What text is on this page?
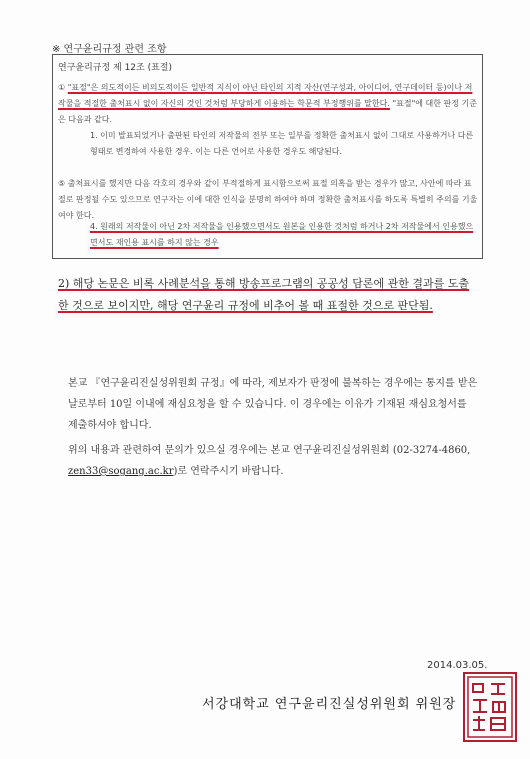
※ 연구윤리규정 관련 조항
연구윤리규정 제 12조 (표절)
① "표절"은 의도적이든 비의도적이든 일반적 지식이 아닌 타인의 지적 자산(연구성과, 아이디어, 연구데이터 등)이나 저작물을 적절한 출처표시 없이 자신의 것인 것처럼 부당하게 이용하는 학문적 부정행위를 말한다. "표절"에 대한 판정 기준은 다음과 같다.
1. 이미 발표되었거나 출판된 타인의 저작물의 전부 또는 일부를 정확한 출처표시 없이 그대로 사용하거나 다른 형태로 변경하여 사용한 경우. 이는 다른 언어로 사용한 경우도 해당된다.
⑤ 출처표시를 했지만 다음 각호의 경우와 같이 부적절하게 표시함으로써 표절 의혹을 받는 경우가 많고, 사안에 따라 표절로 판정될 수도 있으므로 연구자는 이에 대한 인식을 분명히 하여야 하며 정확한 출처표시를 하도록 특별히 주의를 기울여야 한다.
4. 원래의 저작물이 아닌 2차 저작물을 인용했으면서도 원본을 인용한 것처럼 하거나 2차 저작물에서 인용했으면서도 재인용 표시를 하지 않는 경우
2) 해당 논문은 비록 사례분석을 통해 방송프로그램의 공공성 담론에 관한 결과를 도출한 것으로 보이지만, 해당 연구윤리 규정에 비추어 볼 때 표절한 것으로 판단됨.
본교 『연구윤리진실성위원회 규정』에 따라, 제보자가 판정에 불복하는 경우에는 통지를 받은 날로부터 10일 이내에 재심요청을 할 수 있습니다. 이 경우에는 이유가 기재된 재심요청서를 제출하셔야 합니다.
위의 내용과 관련하여 문의가 있으실 경우에는 본교 연구윤리진실성위원회 (02-3274-4860, zen33@sogang.ac.kr)로 연락주시기 바랍니다.
2014.03.05.
서강대학교 연구윤리진실성위원회 위원장
